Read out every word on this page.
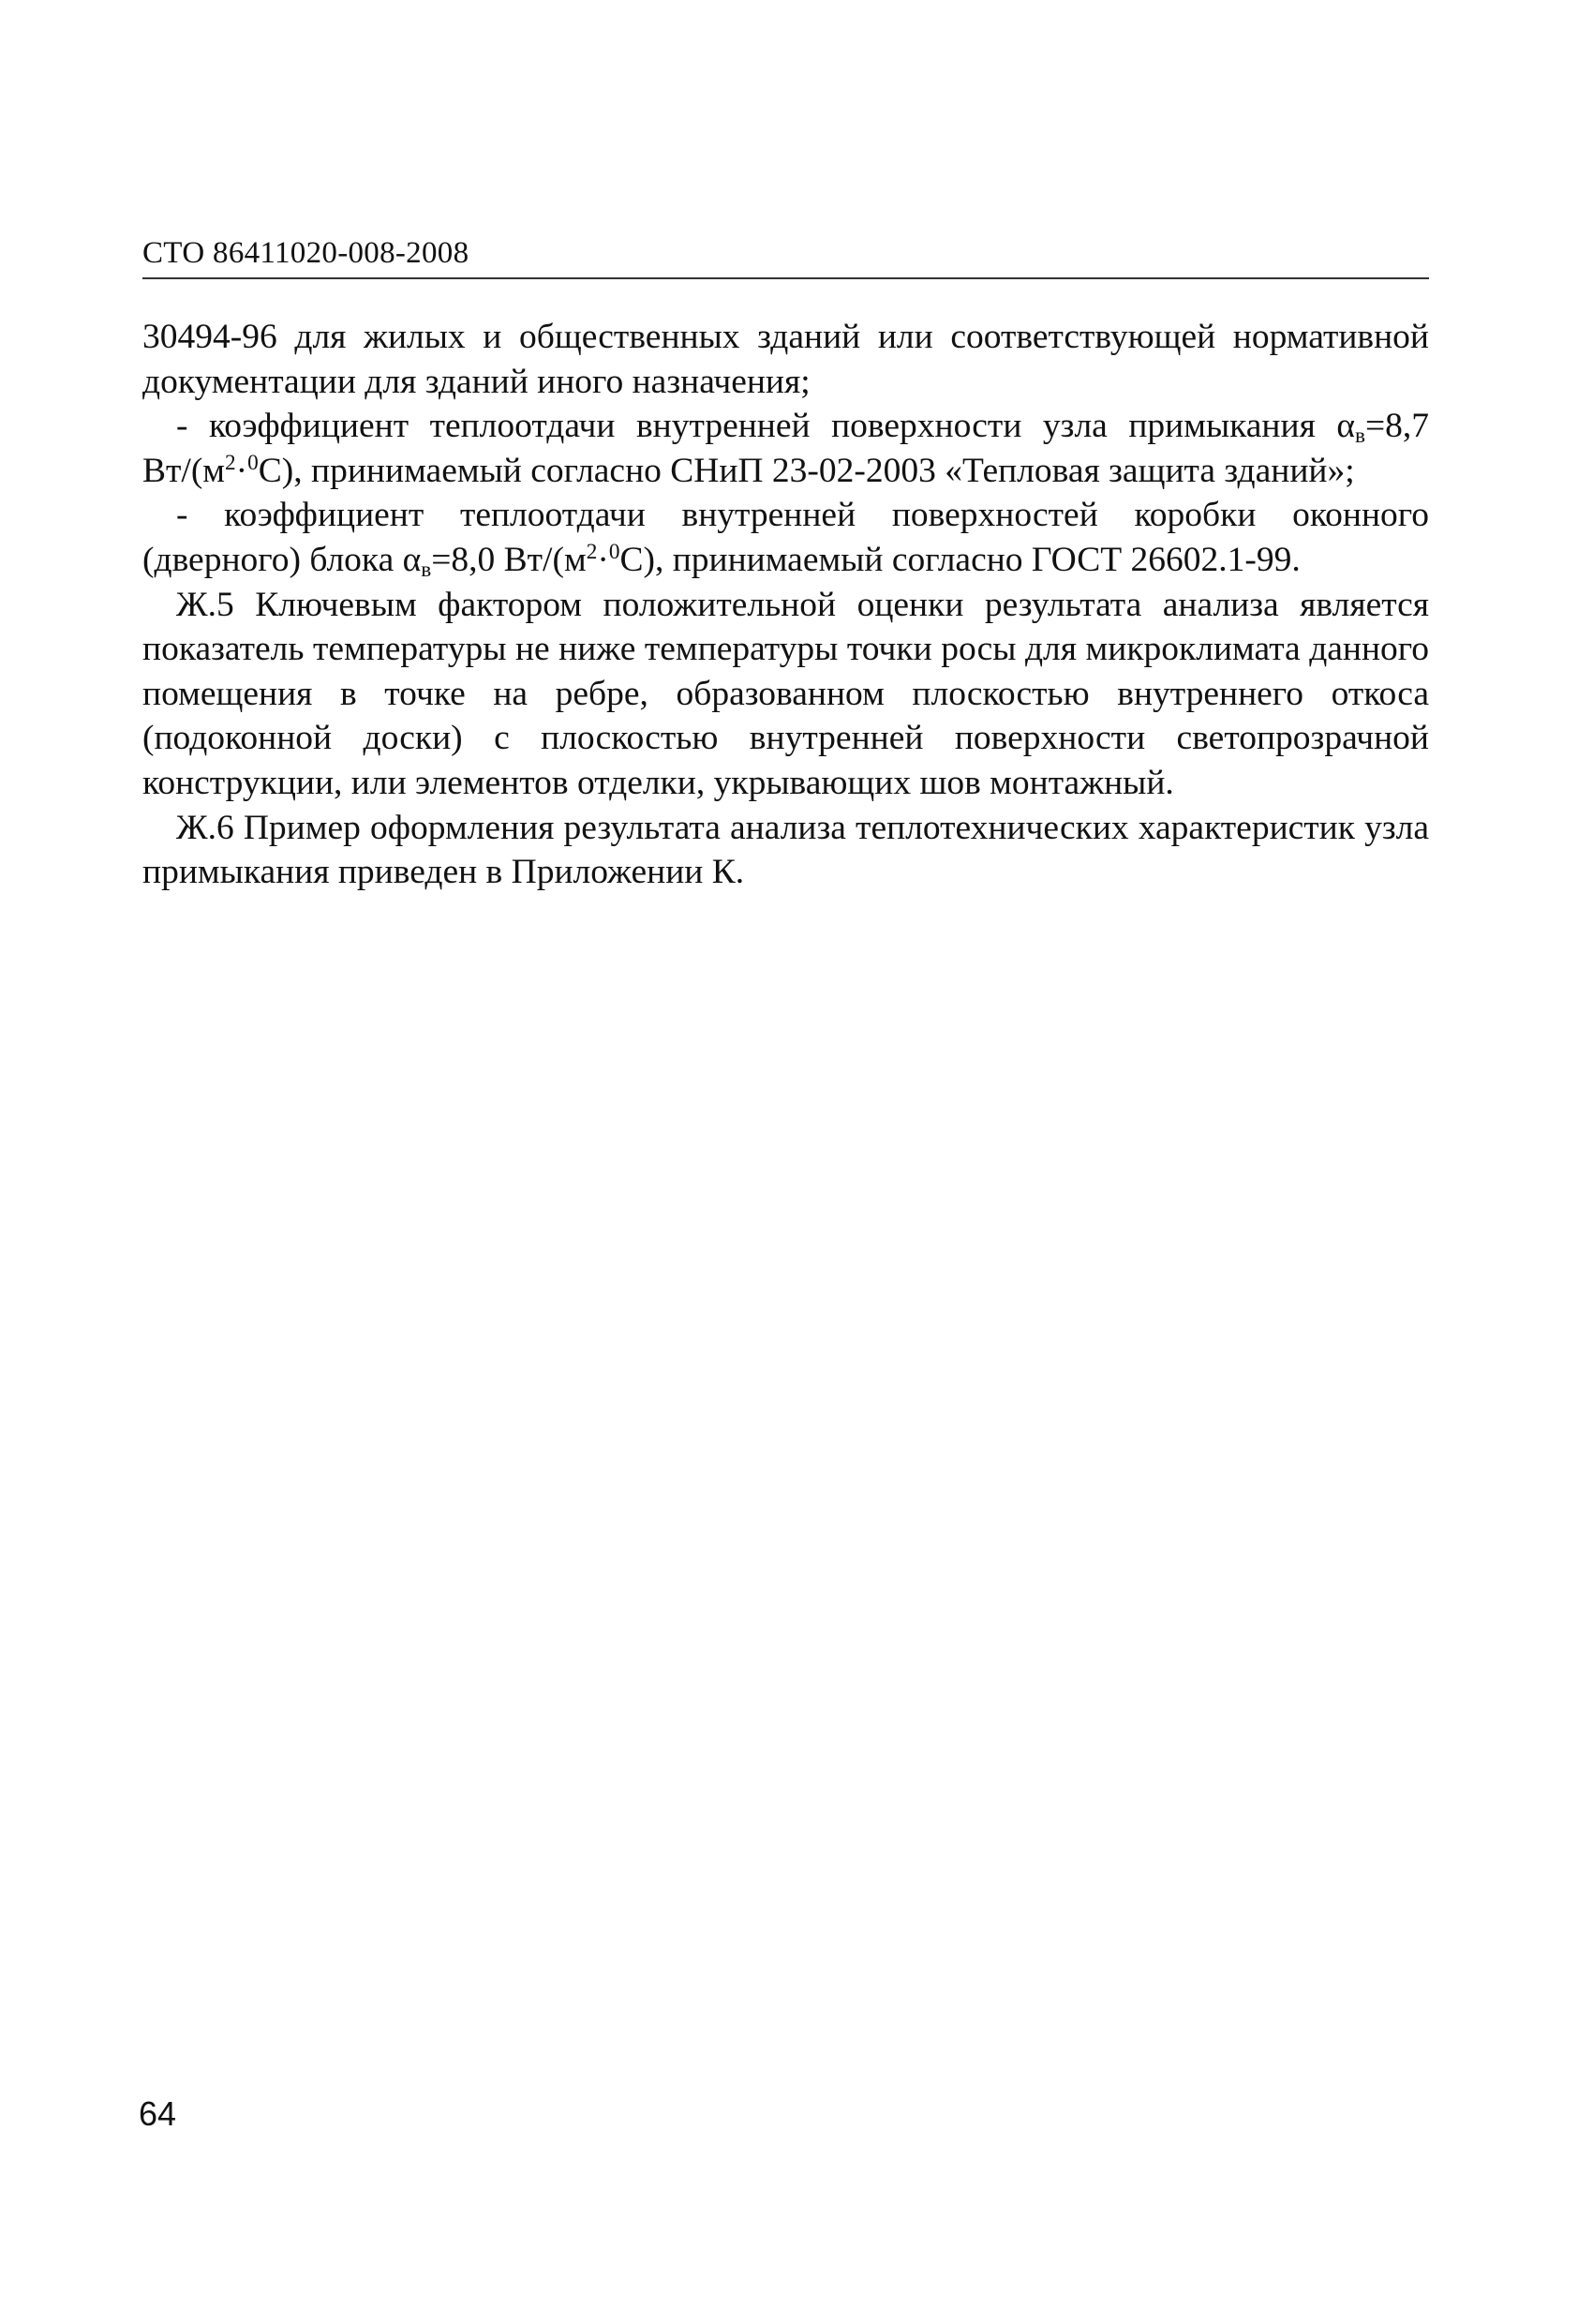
СТО 86411020-008-2008

30494-96 для жилых и общественных зданий или соответствующей нормативной документации для зданий иного назначения;

- коэффициент теплоотдачи внутренней поверхности узла примыкания $\alpha_в=8,7$ $Вт/(м^2\cdot^0С)$, принимаемый согласно СНиП 23-02-2003 «Тепловая защита зданий»;

- коэффициент теплоотдачи внутренней поверхностей коробки оконного (дверного) блока $\alpha_в=8,0$ $Вт/(м^2\cdot^0С)$, принимаемый согласно ГОСТ 26602.1-99.

Ж.5 Ключевым фактором положительной оценки результата анализа является показатель температуры не ниже температуры точки росы для микроклимата данного помещения в точке на ребре, образованном плоскостью внутреннего откоса (подоконной доски) с плоскостью внутренней поверхности светопрозрачной конструкции, или элементов отделки, укрывающих шов монтажный.

Ж.6 Пример оформления результата анализа теплотехнических характеристик узла примыкания приведен в Приложении К.

64
